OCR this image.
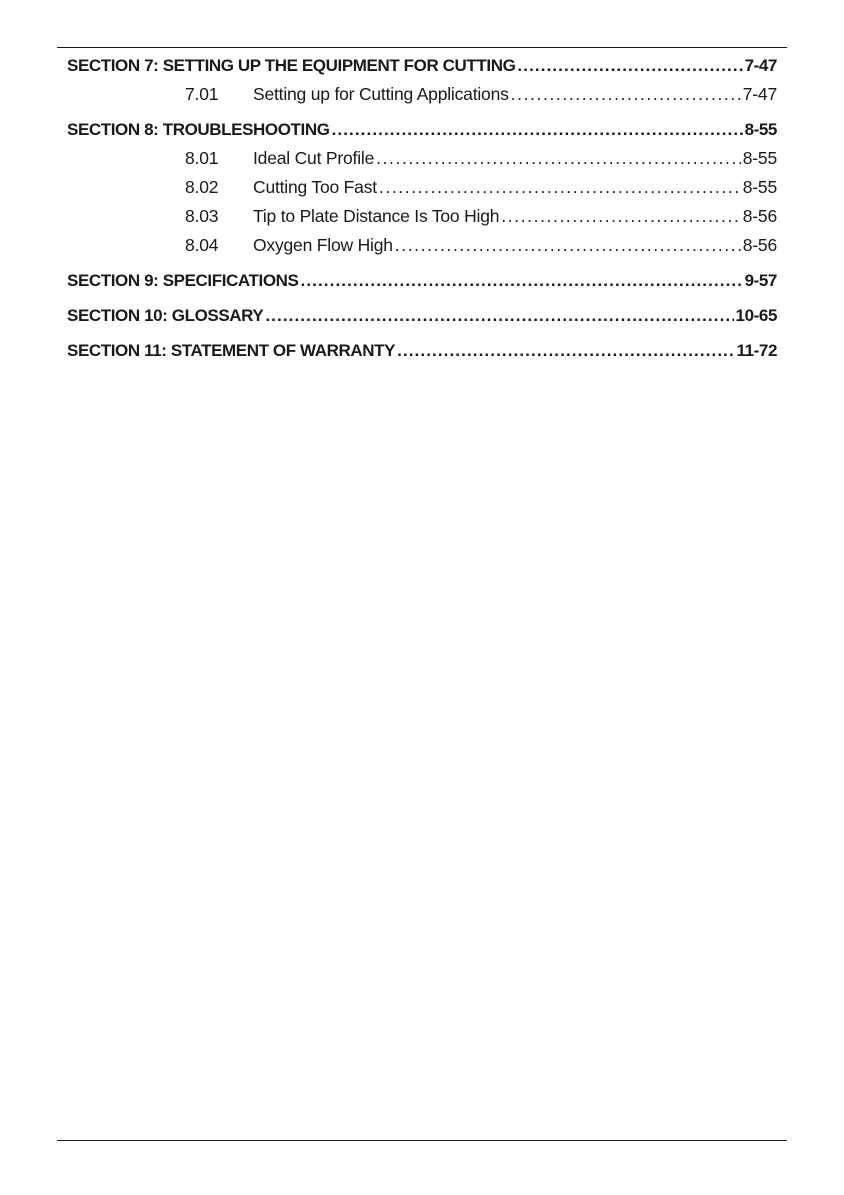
SECTION 7: SETTING UP THE EQUIPMENT FOR CUTTING .....	7-47
7.01	Setting up for Cutting Applications .....	7-47
SECTION 8: TROUBLESHOOTING .....	8-55
8.01	Ideal Cut Profile .....	8-55
8.02	Cutting Too Fast .....	8-55
8.03	Tip to Plate Distance Is Too High .....	8-56
8.04	Oxygen Flow High .....	8-56
SECTION 9: SPECIFICATIONS .....	9-57
SECTION 10: GLOSSARY .....	10-65
SECTION 11: STATEMENT OF WARRANTY .....	11-72
